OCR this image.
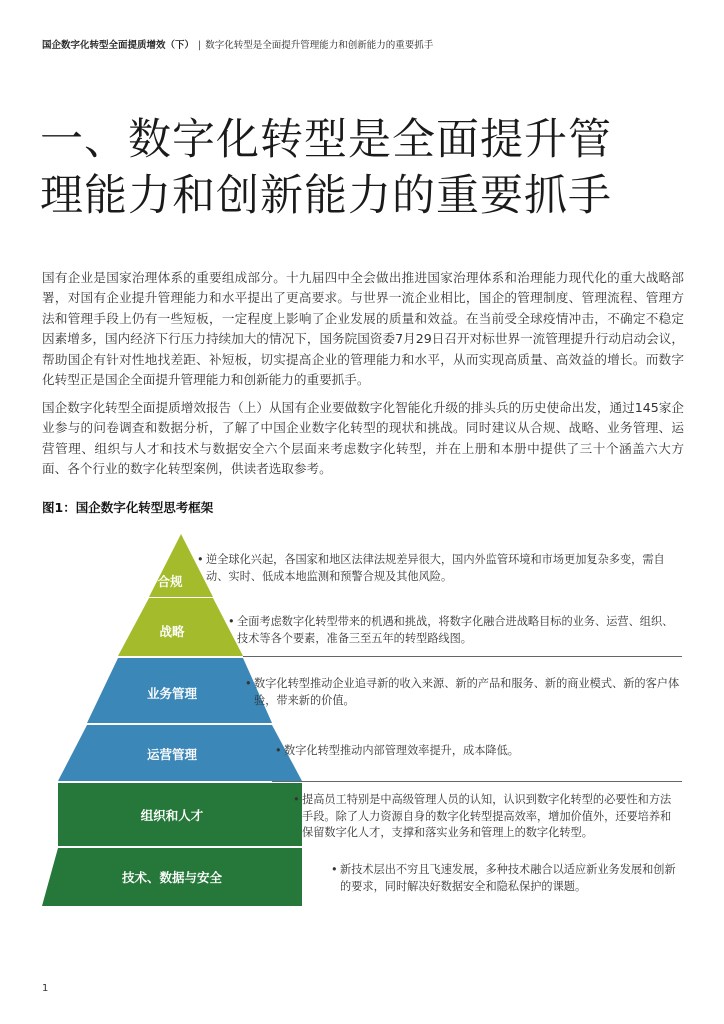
国企数字化转型全面提质增效（下） | 数字化转型是全面提升管理能力和创新能力的重要抓手
一、数字化转型是全面提升管
理能力和创新能力的重要抓手

国有企业是国家治理体系的重要组成部分。十九届四中全会做出推进国家治理体系和治理能力现代化的重大战略部署，对国有企业提升管理能力和水平提出了更高要求。与世界一流企业相比，国企的管理制度、管理流程、管理方法和管理手段上仍有一些短板，一定程度上影响了企业发展的质量和效益。在当前受全球疫情冲击，不确定不稳定因素增多，国内经济下行压力持续加大的情况下，国务院国资委7月29日召开对标世界一流管理提升行动启动会议，帮助国企有针对性地找差距、补短板，切实提高企业的管理能力和水平，从而实现高质量、高效益的增长。而数字化转型正是国企全面提升管理能力和创新能力的重要抓手。

国企数字化转型全面提质增效报告（上）从国有企业要做数字化智能化升级的排头兵的历史使命出发，通过145家企业参与的问卷调查和数据分析，了解了中国企业数字化转型的现状和挑战。同时建议从合规、战略、业务管理、运营管理、组织与人才和技术与数据安全六个层面来考虑数字化转型，并在上册和本册中提供了三十个涵盖六大方面、各个行业的数字化转型案例，供读者选取参考。

图1：国企数字化转型思考框架
合规
战略
业务管理
运营管理
组织和人才
技术、数据与安全
• 逆全球化兴起，各国家和地区法律法规差异很大，国内外监管环境和市场更加复杂多变，需自动、实时、低成本地监测和预警合规及其他风险。
• 全面考虑数字化转型带来的机遇和挑战，将数字化融合进战略目标的业务、运营、组织、技术等各个要素，准备三至五年的转型路线图。
• 数字化转型推动企业追寻新的收入来源、新的产品和服务、新的商业模式、新的客户体验，带来新的价值。
• 数字化转型推动内部管理效率提升，成本降低。
• 提高员工特别是中高级管理人员的认知，认识到数字化转型的必要性和方法手段。除了人力资源自身的数字化转型提高效率，增加价值外，还要培养和保留数字化人才，支撑和落实业务和管理上的数字化转型。
• 新技术层出不穷且飞速发展，多种技术融合以适应新业务发展和创新的要求，同时解决好数据安全和隐私保护的课题。
1
